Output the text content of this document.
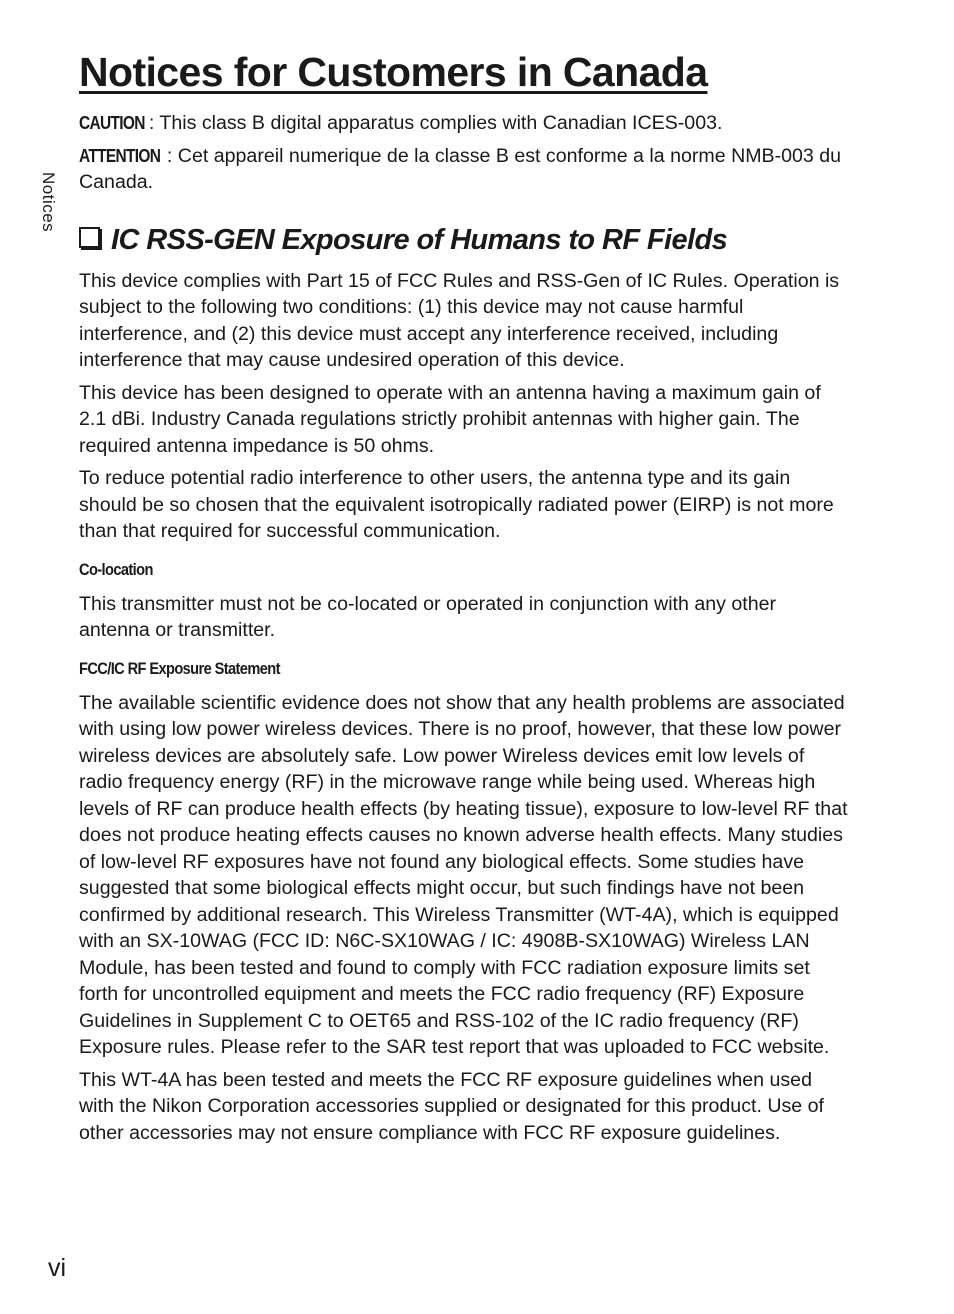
Notices for Customers in Canada
Notices

CAUTION : This class B digital apparatus complies with Canadian ICES-003.

ATTENTION : Cet appareil numerique de la classe B est conforme a la norme NMB-003 du Canada.

IC RSS-GEN Exposure of Humans to RF Fields

This device complies with Part 15 of FCC Rules and RSS-Gen of IC Rules. Operation is subject to the following two conditions: (1) this device may not cause harmful interference, and (2) this device must accept any interference received, including interference that may cause undesired operation of this device.

This device has been designed to operate with an antenna having a maximum gain of 2.1 dBi. Industry Canada regulations strictly prohibit antennas with higher gain. The required antenna impedance is 50 ohms.

To reduce potential radio interference to other users, the antenna type and its gain should be so chosen that the equivalent isotropically radiated power (EIRP) is not more than that required for successful communication.

Co-location

This transmitter must not be co-located or operated in conjunction with any other antenna or transmitter.

FCC/IC RF Exposure Statement

The available scientific evidence does not show that any health problems are associated with using low power wireless devices. There is no proof, however, that these low power wireless devices are absolutely safe. Low power Wireless devices emit low levels of radio frequency energy (RF) in the microwave range while being used. Whereas high levels of RF can produce health effects (by heating tissue), exposure to low-level RF that does not produce heating effects causes no known adverse health effects. Many studies of low-level RF exposures have not found any biological effects. Some studies have suggested that some biological effects might occur, but such findings have not been confirmed by additional research. This Wireless Transmitter (WT-4A), which is equipped with an SX-10WAG (FCC ID: N6C-SX10WAG / IC: 4908B-SX10WAG) Wireless LAN Module, has been tested and found to comply with FCC radiation exposure limits set forth for uncontrolled equipment and meets the FCC radio frequency (RF) Exposure Guidelines in Supplement C to OET65 and RSS-102 of the IC radio frequency (RF) Exposure rules. Please refer to the SAR test report that was uploaded to FCC website.

This WT-4A has been tested and meets the FCC RF exposure guidelines when used with the Nikon Corporation accessories supplied or designated for this product. Use of other accessories may not ensure compliance with FCC RF exposure guidelines.

vi
